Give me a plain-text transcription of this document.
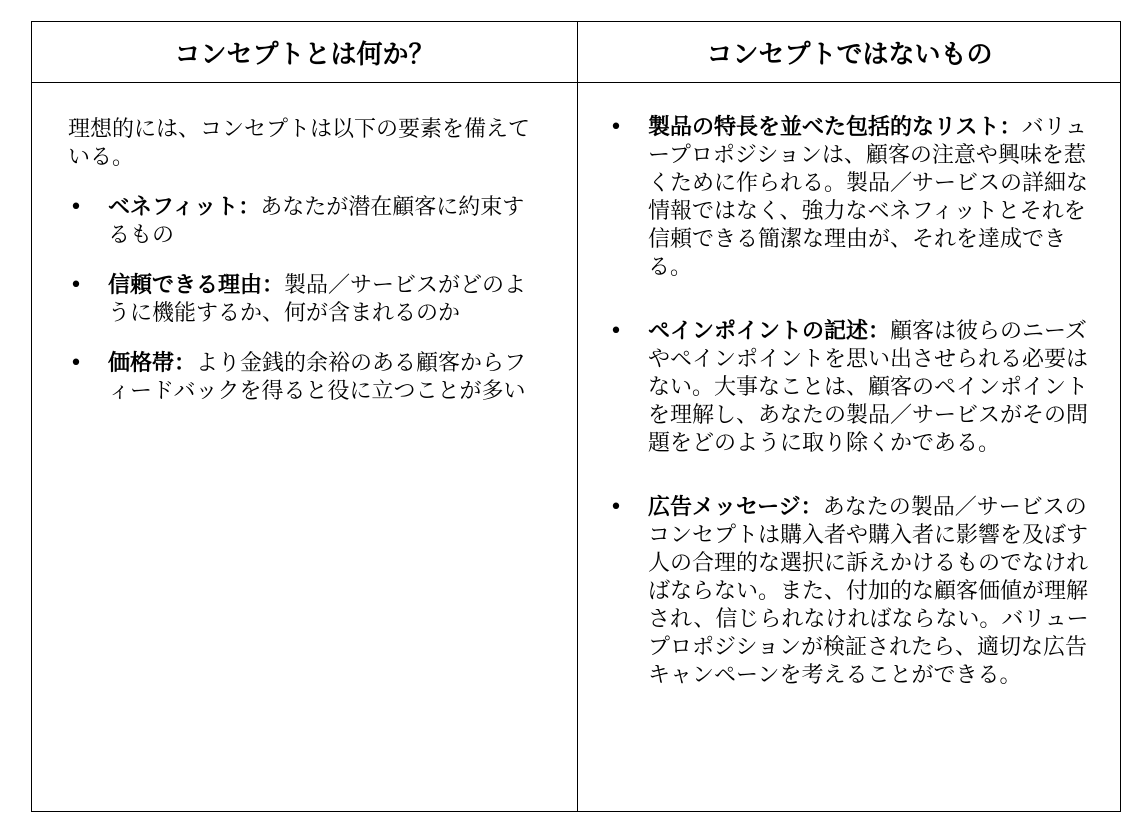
コンセプトとは何か？	コンセプトではないもの

理想的には、コンセプトは以下の要素を備えている。

• ベネフィット：あなたが潜在顧客に約束するもの
• 信頼できる理由：製品／サービスがどのように機能するか、何が含まれるのか
• 価格帯：より金銭的余裕のある顧客からフィードバックを得ると役に立つことが多い
• 製品の特長を並べた包括的なリスト：バリュープロポジションは、顧客の注意や興味を惹くために作られる。製品／サービスの詳細な情報ではなく、強力なベネフィットとそれを信頼できる簡潔な理由が、それを達成できる。
• ペインポイントの記述：顧客は彼らのニーズやペインポイントを思い出させられる必要はない。大事なことは、顧客のペインポイントを理解し、あなたの製品／サービスがその問題をどのように取り除くかである。
• 広告メッセージ：あなたの製品／サービスのコンセプトは購入者や購入者に影響を及ぼす人の合理的な選択に訴えかけるものでなければならない。また、付加的な顧客価値が理解され、信じられなければならない。バリュープロポジションが検証されたら、適切な広告キャンペーンを考えることができる。
